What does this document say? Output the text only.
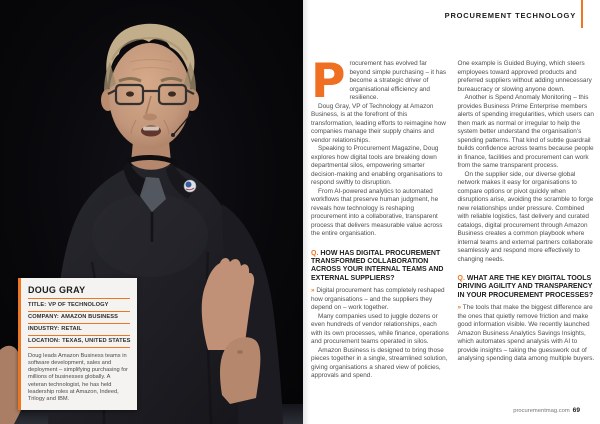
DOUG GRAY
TITLE: VP OF TECHNOLOGY
COMPANY: AMAZON BUSINESS
INDUSTRY: RETAIL
LOCATION: TEXAS, UNITED STATES

Doug leads Amazon Business teams in software development, sales and deployment – simplifying purchasing for millions of businesses globally. A veteran technologist, he has held leadership roles at Amazon, Indeed, Trilogy and IBM.

PROCUREMENT TECHNOLOGY

Procurement has evolved far beyond simple purchasing – it has become a strategic driver of organisational efficiency and resilience.

Doug Gray, VP of Technology at Amazon Business, is at the forefront of this transformation, leading efforts to reimagine how companies manage their supply chains and vendor relationships.

Speaking to Procurement Magazine, Doug explores how digital tools are breaking down departmental silos, empowering smarter decision-making and enabling organisations to respond swiftly to disruption.

From AI-powered analytics to automated workflows that preserve human judgment, he reveals how technology is reshaping procurement into a collaborative, transparent process that delivers measurable value across the entire organisation.

Q. HOW HAS DIGITAL PROCUREMENT TRANSFORMED COLLABORATION ACROSS YOUR INTERNAL TEAMS AND EXTERNAL SUPPLIERS?

» Digital procurement has completely reshaped how organisations – and the suppliers they depend on – work together.

Many companies used to juggle dozens or even hundreds of vendor relationships, each with its own processes, while finance, operations and procurement teams operated in silos.

Amazon Business is designed to bring those pieces together in a single, streamlined solution, giving organisations a shared view of policies, approvals and spend.

One example is Guided Buying, which steers employees toward approved products and preferred suppliers without adding unnecessary bureaucracy or slowing anyone down.

Another is Spend Anomaly Monitoring – this provides Business Prime Enterprise members alerts of spending irregularities, which users can then mark as normal or irregular to help the system better understand the organisation's spending patterns. That kind of subtle guardrail builds confidence across teams because people in finance, facilities and procurement can work from the same transparent process.

On the supplier side, our diverse global network makes it easy for organisations to compare options or pivot quickly when disruptions arise, avoiding the scramble to forge new relationships under pressure. Combined with reliable logistics, fast delivery and curated catalogs, digital procurement through Amazon Business creates a common playbook where internal teams and external partners collaborate seamlessly and respond more effectively to changing needs.

Q. WHAT ARE THE KEY DIGITAL TOOLS DRIVING AGILITY AND TRANSPARENCY IN YOUR PROCUREMENT PROCESSES?

» The tools that make the biggest difference are the ones that quietly remove friction and make good information visible. We recently launched Amazon Business Analytics Savings Insights, which automates spend analysis with AI to provide insights – taking the guesswork out of analysing spending data among multiple buyers.

procurementmag.com 69
